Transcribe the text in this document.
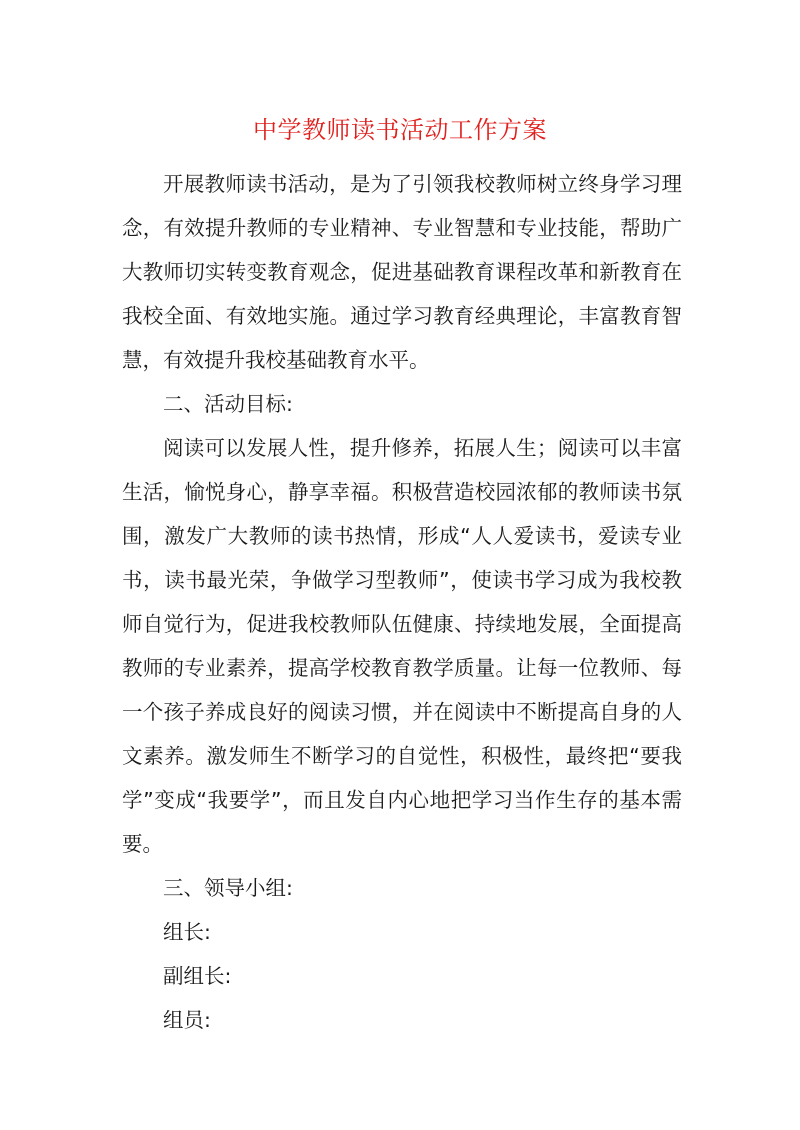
中学教师读书活动工作方案

开展教师读书活动，是为了引领我校教师树立终身学习理念，有效提升教师的专业精神、专业智慧和专业技能，帮助广大教师切实转变教育观念，促进基础教育课程改革和新教育在我校全面、有效地实施。通过学习教育经典理论，丰富教育智慧，有效提升我校基础教育水平。

二、活动目标:

阅读可以发展人性，提升修养，拓展人生；阅读可以丰富生活，愉悦身心，静享幸福。积极营造校园浓郁的教师读书氛围，激发广大教师的读书热情，形成“人人爱读书，爱读专业书，读书最光荣，争做学习型教师”，使读书学习成为我校教师自觉行为，促进我校教师队伍健康、持续地发展，全面提高教师的专业素养，提高学校教育教学质量。让每一位教师、每一个孩子养成良好的阅读习惯，并在阅读中不断提高自身的人文素养。激发师生不断学习的自觉性，积极性，最终把“要我学”变成“我要学”，而且发自内心地把学习当作生存的基本需要。

三、领导小组:

组长:

副组长:

组员:
